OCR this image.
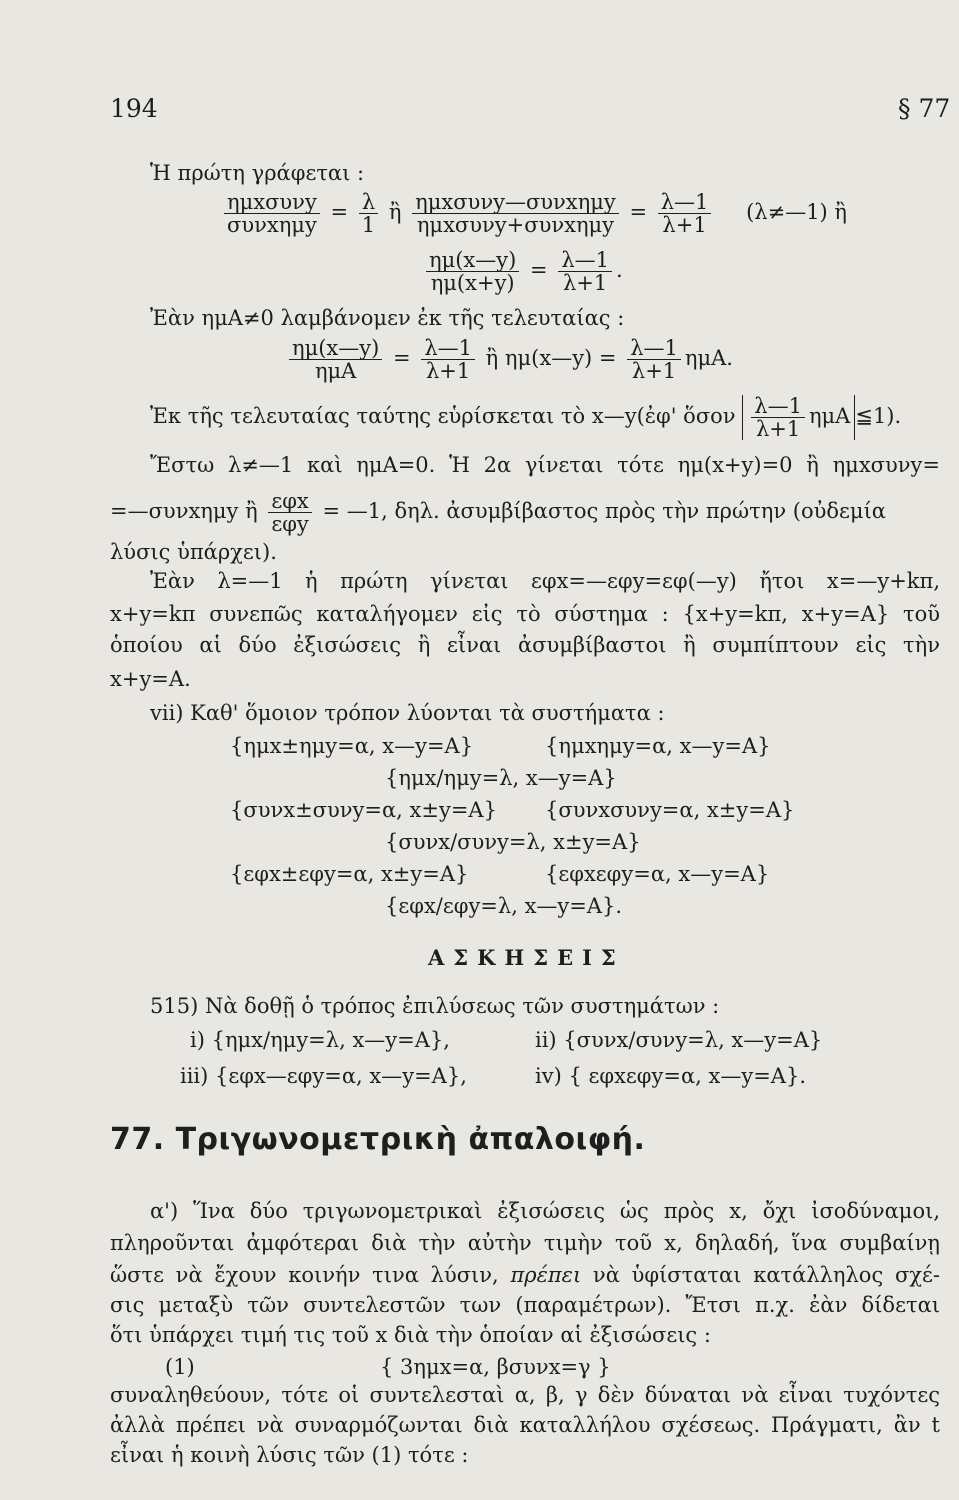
194	§ 77
Ἡ πρώτη γράφεται :
$\frac{\text{ημxσυνy}}{\text{συνxημy}} = \frac{\lambda}{1}$ ἢ $\frac{\text{ημxσυνy—συνxημy}}{\text{ημxσυνy+συνxημy}} = \frac{\lambda—1}{\lambda+1}$ (λ≠—1) ἢ
$\frac{\eta\mu(x—y)}{\eta\mu(x+y)} = \frac{\lambda—1}{\lambda+1}$ .
Ἐὰν ημA≠0 λαμβάνομεν ἐκ τῆς τελευταίας :
$\frac{\eta\mu(x—y)}{\text{ημA}} = \frac{\lambda—1}{\lambda+1}$ ἢ ημ(x—y) = $\frac{\lambda—1}{\lambda+1} \eta\mu A$.
Ἐκ τῆς τελευταίας ταύτης εὑρίσκεται τὸ x—y(ἐφ' ὅσον $\frac{\lambda—1}{\lambda+1}$ ημA ≦1).
Ἔστω λ≠—1 καὶ ημA=0. Ἡ 2α γίνεται τότε ημ(x+y)=0 ἢ ημxσυνy=
=—συνxημy ἢ $\frac{\text{εφx}}{\text{εφy}}$ = —1, δηλ. ἀσυμβίβαστος πρὸς τὴν πρώτην (οὐδεμία
λύσις ὑπάρχει).
Ἐὰν λ=—1 ἡ πρώτη γίνεται εφx=—εφy=εφ(—y) ἤτοι x=—y+kπ,
x+y=kπ συνεπῶς καταλήγομεν εἰς τὸ σύστημα : {x+y=kπ, x+y=A} τοῦ
ὁποίου αἱ δύο ἐξισώσεις ἢ εἶναι ἀσυμβίβαστοι ἢ συμπίπτουν εἰς τὴν
x+y=A.
vii) Καθ' ὅμοιον τρόπον λύονται τὰ συστήματα :
{ημx±ημy=α, x—y=A}	{ημxημy=α, x—y=A}
{ημx/ημy=λ, x—y=A}
{συνx±συνy=α, x±y=A} {συνxσυνy=α, x±y=A}
{συνx/συνy=λ, x±y=A}
{εφx±εφy=α, x±y=A}	{εφxεφy=α, x—y=A}
{εφx/εφy=λ, x—y=A}.
ΑΣΚΗΣΕΙΣ
515) Νὰ δοθῇ ὁ τρόπος ἐπιλύσεως τῶν συστημάτων :
i) {ημx/ημy=λ, x—y=A},	ii) {συνx/συνy=λ, x—y=A}
iii) {εφx—εφy=α, x—y=A},	iv) { εφxεφy=α, x—y=A}.
77. Τριγωνομετρικὴ ἀπαλοιφή.
α') Ἵνα δύο τριγωνομετρικαὶ ἐξισώσεις ὡς πρὸς x, ὄχι ἰσοδύναμοι,
πληροῦνται ἀμφότεραι διὰ τὴν αὐτὴν τιμὴν τοῦ x, δηλαδή, ἵνα συμβαίνῃ
ὥστε νὰ ἔχουν κοινήν τινα λύσιν, πρέπει νὰ ὑφίσταται κατάλληλος σχέ-
σις μεταξὺ τῶν συντελεστῶν των (παραμέτρων). Ἔτσι π.χ. ἐὰν δίδεται
ὅτι ὑπάρχει τιμή τις τοῦ x διὰ τὴν ὁποίαν αἱ ἐξισώσεις :
(1)	{ 3ημx=α, βσυνx=γ }
συναληθεύουν, τότε οἱ συντελεσταὶ α, β, γ δὲν δύναται νὰ εἶναι τυχόντες
ἀλλὰ πρέπει νὰ συναρμόζωνται διὰ καταλλήλου σχέσεως. Πράγματι, ἂν t
εἶναι ἡ κοινὴ λύσις τῶν (1) τότε :
